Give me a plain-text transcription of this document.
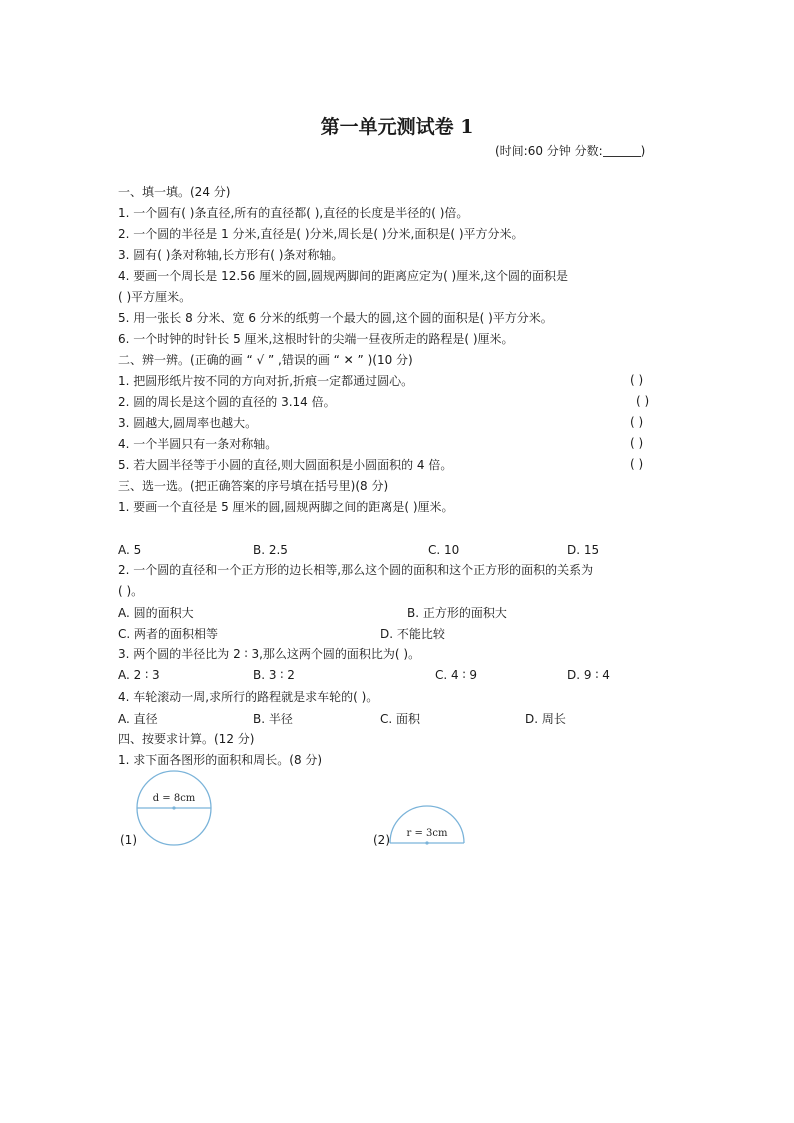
第一单元测试卷 1
(时间:60 分钟 分数:	)
一、填一填。(24 分)
1. 一个圆有( )条直径,所有的直径都( ),直径的长度是半径的( )倍。
2. 一个圆的半径是 1 分米,直径是( )分米,周长是( )分米,面积是( )平方分米。
3. 圆有( )条对称轴,长方形有( )条对称轴。
4. 要画一个周长是 12.56 厘米的圆,圆规两脚间的距离应定为( )厘米,这个圆的面积是
( )平方厘米。
5. 用一张长 8 分米、宽 6 分米的纸剪一个最大的圆,这个圆的面积是( )平方分米。
6. 一个时钟的时针长 5 厘米,这根时针的尖端一昼夜所走的路程是( )厘米。
二、辨一辨。(正确的画 “ √ ” ,错误的画 “ ✕ ” )(10 分)
1. 把圆形纸片按不同的方向对折,折痕一定都通过圆心。	( )
2. 圆的周长是这个圆的直径的 3.14 倍。	( )
3. 圆越大,圆周率也越大。	( )
4. 一个半圆只有一条对称轴。	( )
5. 若大圆半径等于小圆的直径,则大圆面积是小圆面积的 4 倍。	( )
三、选一选。(把正确答案的序号填在括号里)(8 分)
1. 要画一个直径是 5 厘米的圆,圆规两脚之间的距离是( )厘米。
A. 5	B. 2.5	C. 10	D. 15
2. 一个圆的直径和一个正方形的边长相等,那么这个圆的面积和这个正方形的面积的关系为
( )。
A. 圆的面积大	B. 正方形的面积大
C. 两者的面积相等	D. 不能比较
3. 两个圆的半径比为 2 ∶ 3,那么这两个圆的面积比为( )。
A. 2 ∶ 3	B. 3 ∶ 2	C. 4 ∶ 9	D. 9 ∶ 4
4. 车轮滚动一周,求所行的路程就是求车轮的( )。
A. 直径	B. 半径	C. 面积	D. 周长
四、按要求计算。(12 分)
1. 求下面各图形的面积和周长。(8 分)
(1)
d = 8cm
(2) r = 3cm
